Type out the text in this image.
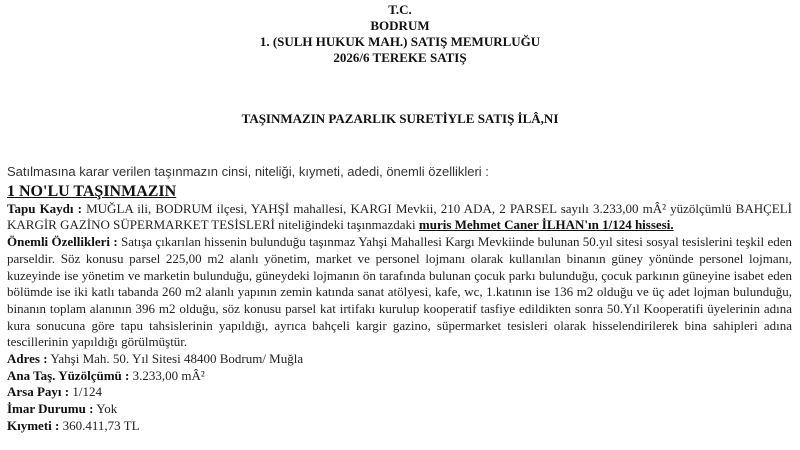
T.C.
BODRUM
1. (SULH HUKUK MAH.) SATIŞ MEMURLUĞU
2026/6 TEREKE SATIŞ
TAŞINMAZIN PAZARLIK SURETİYLE SATIŞ İLÂ,NI
Satılmasına karar verilen taşınmazın cinsi, niteliği, kıymeti, adedi, önemli özellikleri :
1 NO'LU TAŞINMAZIN
Tapu Kaydı : MUĞLA ili, BODRUM ilçesi, YAHŞİ mahallesi, KARGI Mevkii, 210 ADA, 2 PARSEL sayılı 3.233,00 mÂ² yüzölçümlü BAHÇELİ KARGİR GAZİNO SÜPERMARKET TESİSLERİ niteliğindeki taşınmazdaki muris Mehmet Caner İLHAN'ın 1/124 hissesi.
Önemli Özellikleri : Satışa çıkarılan hissenin bulunduğu taşınmaz Yahşi Mahallesi Kargı Mevkiinde bulunan 50.yıl sitesi sosyal tesislerini teşkil eden parseldir. Söz konusu parsel 225,00 m2 alanlı yönetim, market ve personel lojmanı olarak kullanılan binanın güney yönünde personel lojmanı, kuzeyinde ise yönetim ve marketin bulunduğu, güneydeki lojmanın ön tarafında bulunan çocuk parkı bulunduğu, çocuk parkının güneyine isabet eden bölümde ise iki katlı tabanda 260 m2 alanlı yapının zemin katında sanat atölyesi, kafe, wc, 1.katının ise 136 m2 olduğu ve üç adet lojman bulunduğu, binanın toplam alanının 396 m2 olduğu, söz konusu parsel kat irtifakı kurulup kooperatif tasfiye edildikten sonra 50.Yıl Kooperatifi üyelerinin adına kura sonucuna göre tapu tahsislerinin yapıldığı, ayrıca bahçeli kargir gazino, süpermarket tesisleri olarak hisselendirilerek bina sahipleri adına tescillerinin yapıldığı görülmüştür.
Adres : Yahşi Mah. 50. Yıl Sitesi 48400 Bodrum/ Muğla
Ana Taş. Yüzölçümü : 3.233,00 mÂ²
Arsa Payı : 1/124
İmar Durumu : Yok
Kıymeti : 360.411,73 TL
